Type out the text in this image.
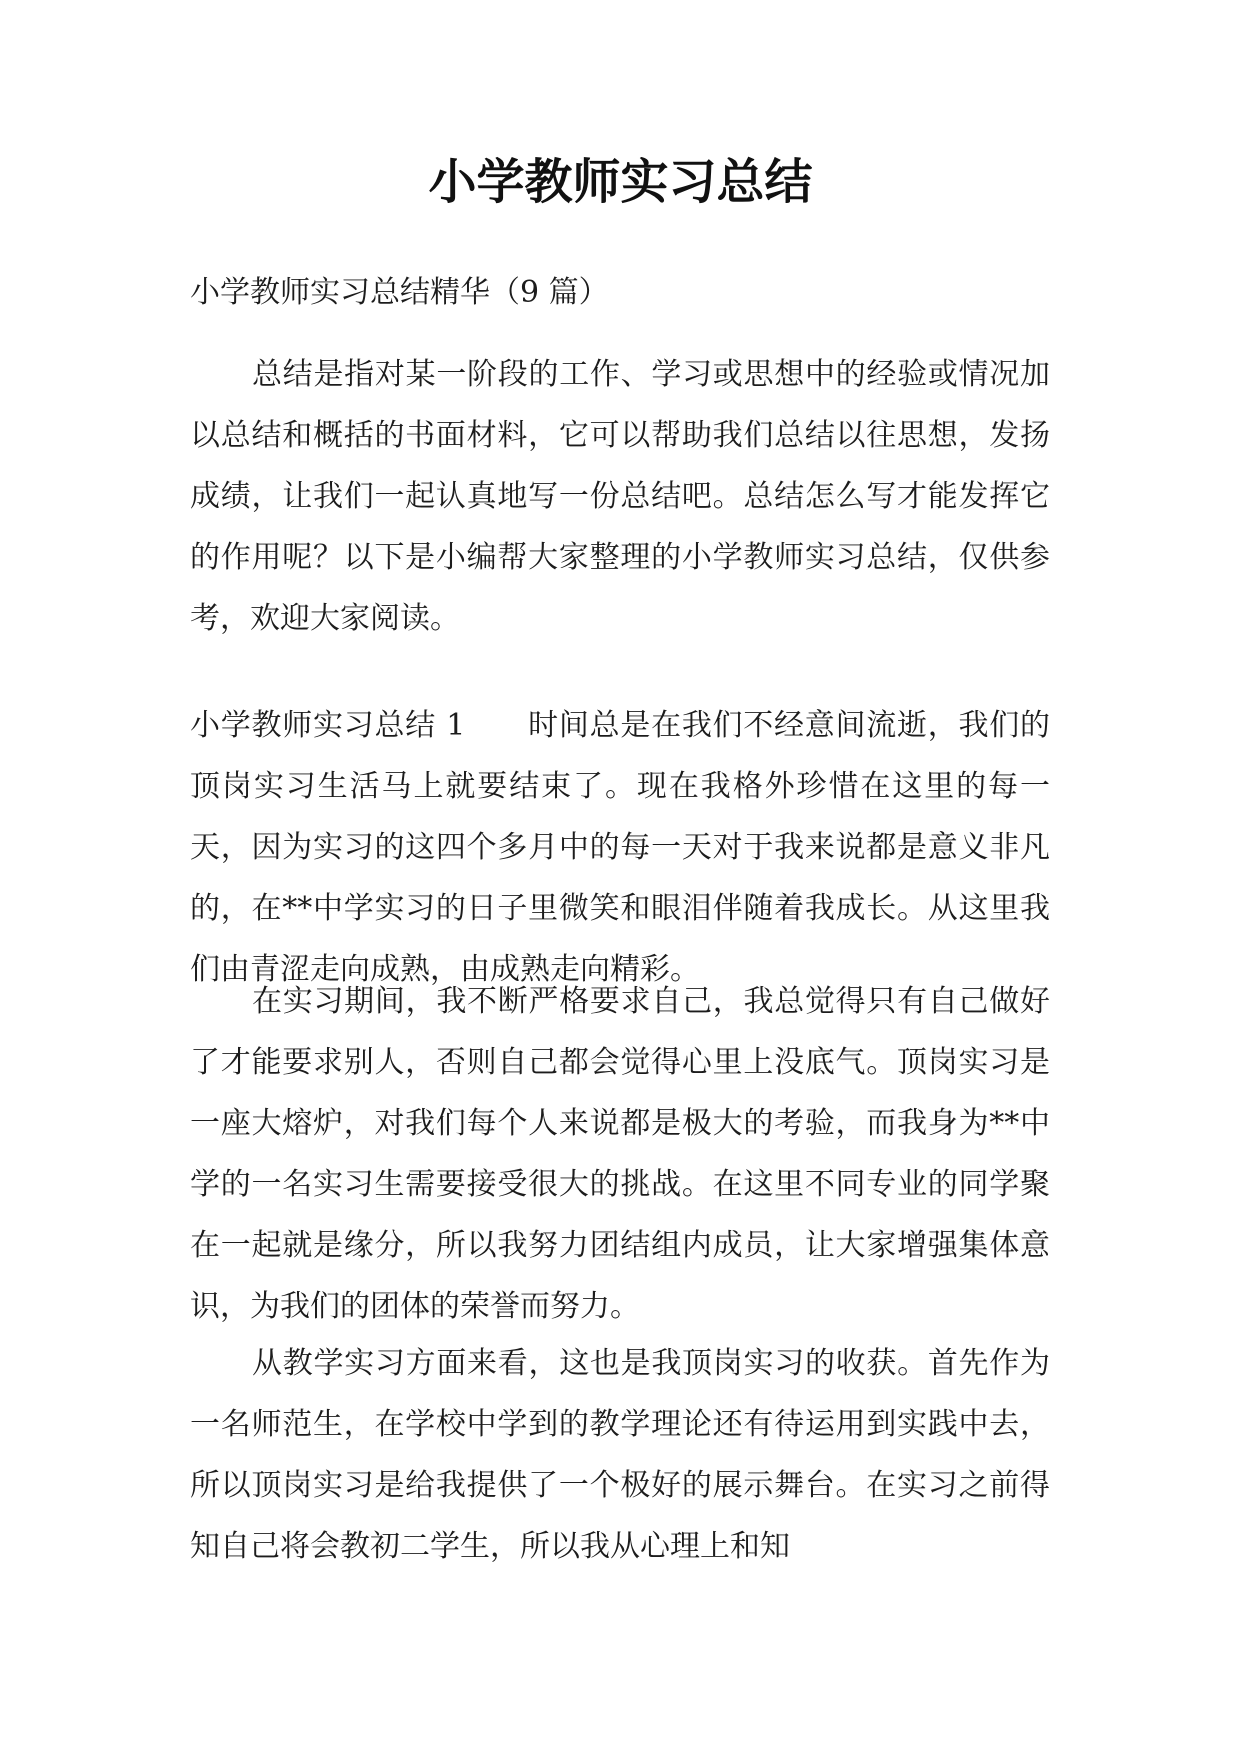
小学教师实习总结

小学教师实习总结精华（9 篇）

总结是指对某一阶段的工作、学习或思想中的经验或情况加以总结和概括的书面材料，它可以帮助我们总结以往思想，发扬成绩，让我们一起认真地写一份总结吧。总结怎么写才能发挥它的作用呢？以下是小编帮大家整理的小学教师实习总结，仅供参考，欢迎大家阅读。

小学教师实习总结 1 时间总是在我们不经意间流逝，我们的顶岗实习生活马上就要结束了。现在我格外珍惜在这里的每一天，因为实习的这四个多月中的每一天对于我来说都是意义非凡的，在**中学实习的日子里微笑和眼泪伴随着我成长。从这里我们由青涩走向成熟，由成熟走向精彩。

在实习期间，我不断严格要求自己，我总觉得只有自己做好了才能要求别人，否则自己都会觉得心里上没底气。顶岗实习是一座大熔炉，对我们每个人来说都是极大的考验，而我身为**中学的一名实习生需要接受很大的挑战。在这里不同专业的同学聚在一起就是缘分，所以我努力团结组内成员，让大家增强集体意识，为我们的团体的荣誉而努力。

从教学实习方面来看，这也是我顶岗实习的收获。首先作为一名师范生，在学校中学到的教学理论还有待运用到实践中去，所以顶岗实习是给我提供了一个极好的展示舞台。在实习之前得知自己将会教初二学生，所以我从心理上和知
